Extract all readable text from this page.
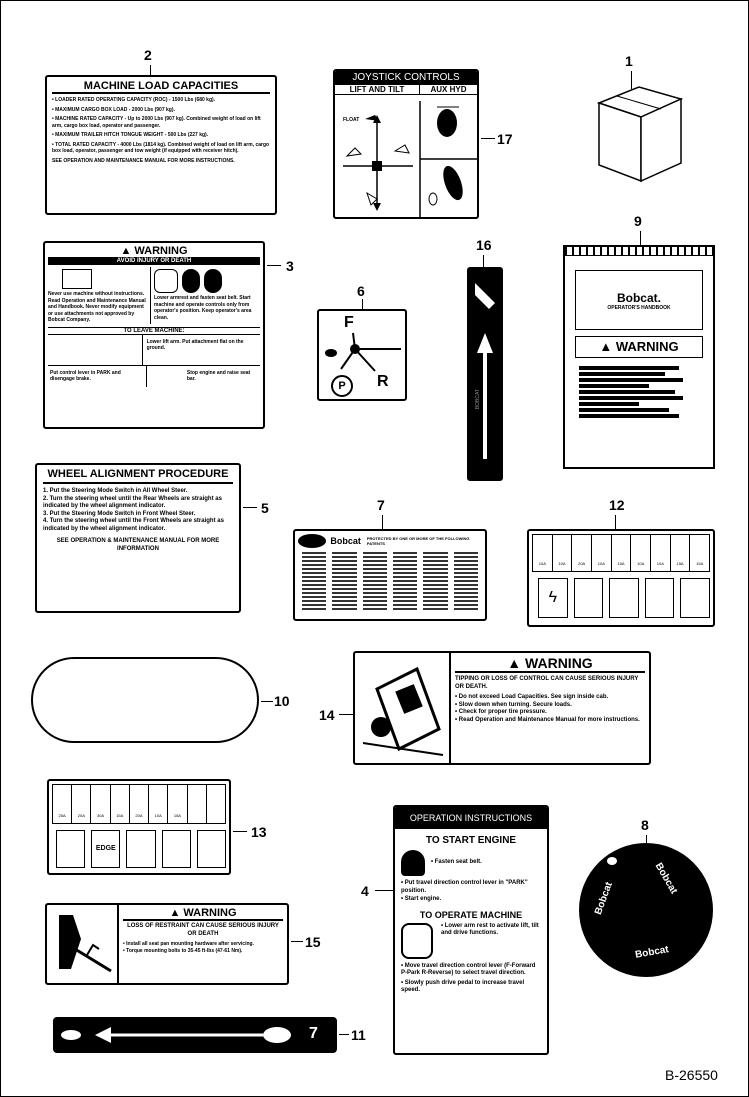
1
2
MACHINE LOAD CAPACITIES
• LOADER RATED OPERATING CAPACITY (ROC) - 1500 Lbs (680 kg).
• MAXIMUM CARGO BOX LOAD - 2000 Lbs (907 kg).
• MACHINE RATED CAPACITY - Up to 2000 Lbs (907 kg). Combined weight of load on lift arm, cargo box load, operator and passenger.
• MAXIMUM TRAILER HITCH TONGUE WEIGHT - 500 Lbs (227 kg).
• TOTAL RATED CAPACITY - 4000 Lbs (1814 kg). Combined weight of load on lift arm, cargo box load, operator, passenger and tow weight (if equipped with receiver hitch).
SEE OPERATION AND MAINTENANCE MANUAL FOR MORE INSTRUCTIONS.
JOYSTICK CONTROLS
LIFT AND TILT	AUX HYD
FLOAT
17
▲ WARNING
AVOID INJURY OR DEATH
Never use machine without instructions. Read Operation and Maintenance Manual and Handbook. Never modify equipment or use attachments not approved by Bobcat Company.
Lower armrest and fasten seat belt. Start machine and operate controls only from operator's position. Keep operator's area clean.
TO LEAVE MACHINE:
Lower lift arm. Put attachment flat on the ground.
Put control lever in PARK and disengage brake.
Stop engine and raise seat bar.
3
6
F
R
P
16
BOBCAT
9
Bobcat.
OPERATOR'S HANDBOOK
▲ WARNING
WHEEL ALIGNMENT PROCEDURE
1. Put the Steering Mode Switch in All Wheel Steer.
2. Turn the steering wheel until the Rear Wheels are straight as indicated by the wheel alignment indicator.
3. Put the Steering Mode Switch in Front Wheel Steer.
4. Turn the steering wheel until the Front Wheels are straight as indicated by the wheel alignment indicator.
SEE OPERATION & MAINTENANCE MANUAL FOR MORE INFORMATION
5	7
Bobcat PROTECTED BY ONE OR MORE OF THE FOLLOWING PATENTS
12
10A	10A	20A	10A	15A	10A	10A	15A	15A
ϟ
10
14
▲ WARNING
TIPPING OR LOSS OF CONTROL CAN CAUSE SERIOUS INJURY OR DEATH.
• Do not exceed Load Capacities. See sign inside cab.
• Slow down when turning. Secure loads.
• Check for proper tire pressure.
• Read Operation and Maintenance Manual for more instructions.
25A	20A	30A	15A	20A	10A	15A
EDGE
13
4
OPERATION INSTRUCTIONS
TO START ENGINE
• Fasten seat belt.
• Put travel direction control lever in "PARK" position.
• Start engine.
TO OPERATE MACHINE
• Lower arm rest to activate lift, tilt and drive functions.
• Move travel direction control lever (F-Forward P-Park R-Reverse) to select travel direction.
• Slowly push drive pedal to increase travel speed.
8
Bobcat
Bobcat
Bobcat
▲ WARNING
LOSS OF RESTRAINT CAN CAUSE SERIOUS INJURY OR DEATH
• Install all seat pan mounting hardware after servicing.
• Torque mounting bolts to 35-45 ft-lbs (47-61 Nm).
15
7 11
B-26550
